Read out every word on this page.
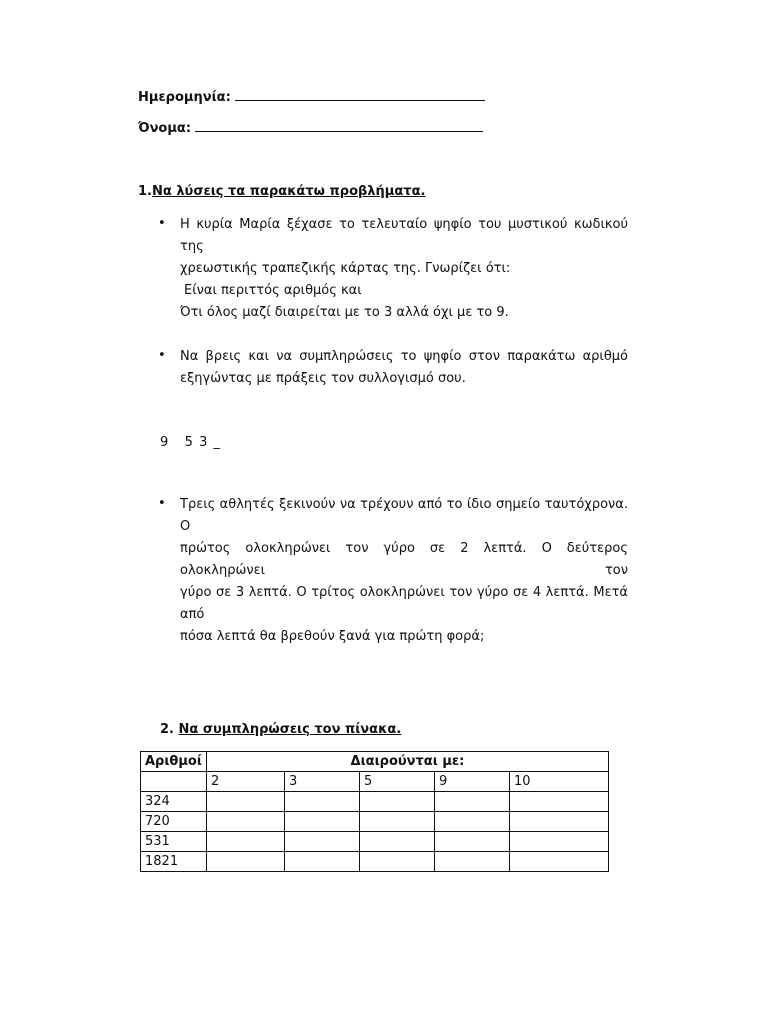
Ημερομηνία:
Όνομα:
1.Να λύσεις τα παρακάτω προβλήματα.
• Η κυρία Μαρία ξέχασε το τελευταίο ψηφίο του μυστικού κωδικού της
χρεωστικής τραπεζικής κάρτας της. Γνωρίζει ότι:
Είναι περιττός αριθμός και
Ότι όλος μαζί διαιρείται με το 3 αλλά όχι με το 9.
• Να βρεις και να συμπληρώσεις το ψηφίο στον παρακάτω αριθμό
εξηγώντας με πράξεις τον συλλογισμό σου.
9   5 3 _
• Τρεις αθλητές ξεκινούν να τρέχουν από το ίδιο σημείο ταυτόχρονα. Ο
πρώτος ολοκληρώνει τον γύρο σε 2 λεπτά. Ο δεύτερος ολοκληρώνει τον
γύρο σε 3 λεπτά. Ο τρίτος ολοκληρώνει τον γύρο σε 4 λεπτά. Μετά από
πόσα λεπτά θα βρεθούν ξανά για πρώτη φορά;
2. Να συμπληρώσεις τον πίνακα.
Αριθμοί	Διαιρούνται με:				
	2	3	5	9	10
324					
720					
531					
1821					
